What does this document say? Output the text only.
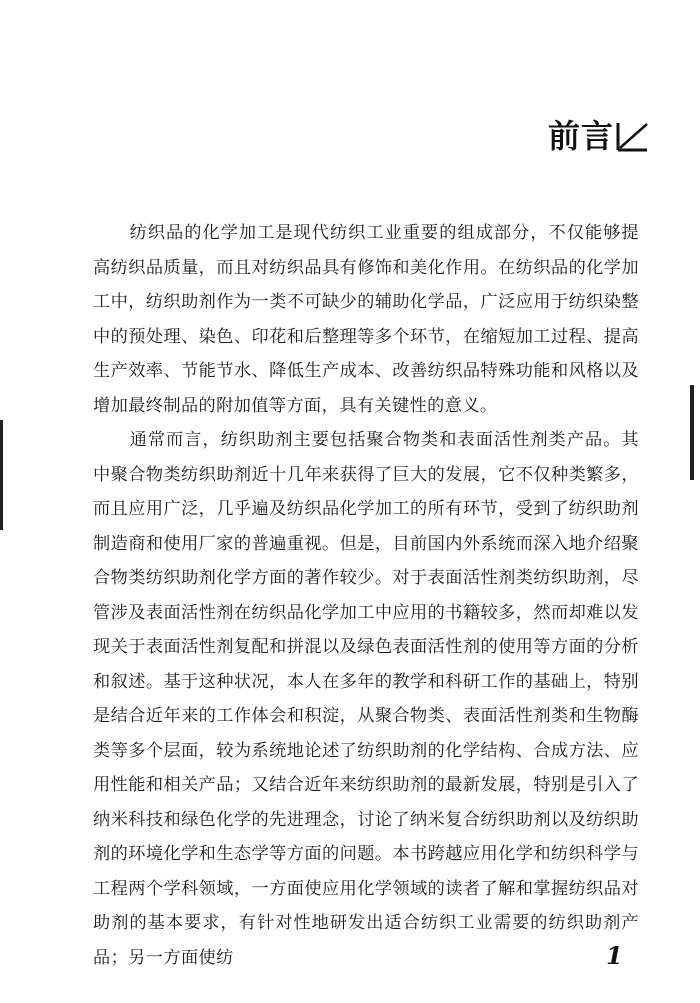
前言

纺织品的化学加工是现代纺织工业重要的组成部分，不仅能够提高纺织品质量，而且对纺织品具有修饰和美化作用。在纺织品的化学加工中，纺织助剂作为一类不可缺少的辅助化学品，广泛应用于纺织染整中的预处理、染色、印花和后整理等多个环节，在缩短加工过程、提高生产效率、节能节水、降低生产成本、改善纺织品特殊功能和风格以及增加最终制品的附加值等方面，具有关键性的意义。

通常而言，纺织助剂主要包括聚合物类和表面活性剂类产品。其中聚合物类纺织助剂近十几年来获得了巨大的发展，它不仅种类繁多，而且应用广泛，几乎遍及纺织品化学加工的所有环节，受到了纺织助剂制造商和使用厂家的普遍重视。但是，目前国内外系统而深入地介绍聚合物类纺织助剂化学方面的著作较少。对于表面活性剂类纺织助剂，尽管涉及表面活性剂在纺织品化学加工中应用的书籍较多，然而却难以发现关于表面活性剂复配和拼混以及绿色表面活性剂的使用等方面的分析和叙述。基于这种状况，本人在多年的教学和科研工作的基础上，特别是结合近年来的工作体会和积淀，从聚合物类、表面活性剂类和生物酶类等多个层面，较为系统地论述了纺织助剂的化学结构、合成方法、应用性能和相关产品；又结合近年来纺织助剂的最新发展，特别是引入了纳米科技和绿色化学的先进理念，讨论了纳米复合纺织助剂以及纺织助剂的环境化学和生态学等方面的问题。本书跨越应用化学和纺织科学与工程两个学科领域，一方面使应用化学领域的读者了解和掌握纺织品对助剂的基本要求，有针对性地研发出适合纺织工业需要的纺织助剂产品；另一方面使纺	1
